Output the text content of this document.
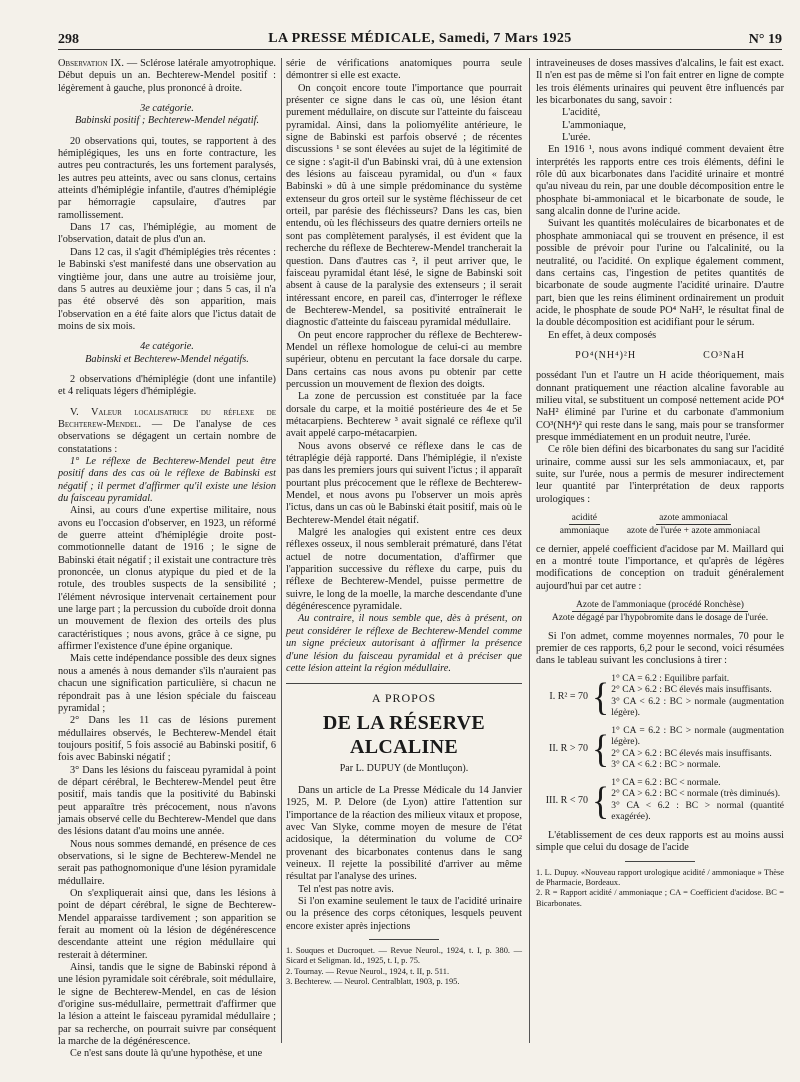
298	LA PRESSE MÉDICALE, Samedi, 7 Mars 1925	N° 19

Observation IX. — Sclérose latérale amyotrophique. Début depuis un an. Bechterew-Mendel positif : légèrement à gauche, plus prononcé à droite.

3e catégorie.

Babinski positif ; Bechterew-Mendel négatif.

20 observations qui, toutes, se rapportent à des hémiplégiques, les uns en forte contracture, les autres peu contracturés, les uns fortement paralysés, les autres peu atteints, avec ou sans clonus, certains atteints d'hémiplégie infantile, d'autres d'hémiplégie par hémorragie capsulaire, d'autres par ramollissement.

Dans 17 cas, l'hémiplégie, au moment de l'observation, datait de plus d'un an.

Dans 12 cas, il s'agit d'hémiplégies très récentes : le Babinski s'est manifesté dans une observation au vingtième jour, dans une autre au troisième jour, dans 5 autres au deuxième jour ; dans 5 cas, il n'a pas été observé dès son apparition, mais l'observation en a été faite alors que l'ictus datait de moins de six mois.

4e catégorie.

Babinski et Bechterew-Mendel négatifs.

2 observations d'hémiplégie (dont une infantile) et 4 reliquats légers d'hémiplégie.

V. Valeur localisatrice du réflexe de Bechterew-Mendel. — De l'analyse de ces observations se dégagent un certain nombre de constatations :

1° Le réflexe de Bechterew-Mendel peut être positif dans des cas où le réflexe de Babinski est négatif ; il permet d'affirmer qu'il existe une lésion du faisceau pyramidal.

Ainsi, au cours d'une expertise militaire, nous avons eu l'occasion d'observer, en 1923, un réformé de guerre atteint d'hémiplégie droite post-commotionnelle datant de 1916 ; le signe de Babinski était négatif ; il existait une contracture très prononcée, un clonus atypique du pied et de la rotule, des troubles suspects de la sensibilité ; l'élément névrosique intervenait certainement pour une large part ; la percussion du cuboïde droit donna un mouvement de flexion des orteils des plus caractéristiques ; nous avons, grâce à ce signe, pu affirmer l'existence d'une épine organique.

Mais cette indépendance possible des deux signes nous a amenés à nous demander s'ils n'auraient pas chacun une signification particulière, si chacun ne répondrait pas à une lésion spéciale du faisceau pyramidal ;

2° Dans les 11 cas de lésions purement médullaires observés, le Bechterew-Mendel était toujours positif, 5 fois associé au Babinski positif, 6 fois avec Babinski négatif ;

3° Dans les lésions du faisceau pyramidal à point de départ cérébral, le Bechterew-Mendel peut être positif, mais tandis que la positivité du Babinski peut apparaître très précocement, nous n'avons jamais observé celle du Bechterew-Mendel que dans des lésions datant d'au moins une année.

Nous nous sommes demandé, en présence de ces observations, si le signe de Bechterew-Mendel ne serait pas pathognomonique d'une lésion pyramidale médullaire.

On s'expliquerait ainsi que, dans les lésions à point de départ cérébral, le signe de Bechterew-Mendel apparaisse tardivement ; son apparition se ferait au moment où la lésion de dégénérescence descendante atteint une région médullaire qui resterait à déterminer.

Ainsi, tandis que le signe de Babinski répond à une lésion pyramidale soit cérébrale, soit médullaire, le signe de Bechterew-Mendel, en cas de lésion d'origine sus-médullaire, permettrait d'affirmer que la lésion a atteint le faisceau pyramidal médullaire ; par sa recherche, on pourrait suivre par conséquent la marche de la dégénérescence.

Ce n'est sans doute là qu'une hypothèse, et une

série de vérifications anatomiques pourra seule démontrer si elle est exacte.

On conçoit encore toute l'importance que pourrait présenter ce signe dans le cas où, une lésion étant purement médullaire, on discute sur l'atteinte du faisceau pyramidal. Ainsi, dans la poliomyélite antérieure, le signe de Babinski est parfois observé ; de récentes discussions ¹ se sont élevées au sujet de la légitimité de ce signe : s'agit-il d'un Babinski vrai, dû à une extension des lésions au faisceau pyramidal, ou d'un « faux Babinski » dû à une simple prédominance du système extenseur du gros orteil sur le système fléchisseur de cet orteil, par parésie des fléchisseurs? Dans les cas, bien entendu, où les fléchisseurs des quatre derniers orteils ne sont pas complètement paralysés, il est évident que la recherche du réflexe de Bechterew-Mendel trancherait la question. Dans d'autres cas ², il peut arriver que, le faisceau pyramidal étant lésé, le signe de Babinski soit absent à cause de la paralysie des extenseurs ; il serait intéressant encore, en pareil cas, d'interroger le réflexe de Bechterew-Mendel, sa positivité entraînerait le diagnostic d'atteinte du faisceau pyramidal médullaire.

On peut encore rapprocher du réflexe de Bechterew-Mendel un réflexe homologue de celui-ci au membre supérieur, obtenu en percutant la face dorsale du carpe. Dans certains cas nous avons pu obtenir par cette percussion un mouvement de flexion des doigts.

La zone de percussion est constituée par la face dorsale du carpe, et la moitié postérieure des 4e et 5e métacarpiens. Bechterew ³ avait signalé ce réflexe qu'il avait appelé carpo-métacarpien.

Nous avons observé ce réflexe dans le cas de tétraplégie déjà rapporté. Dans l'hémiplégie, il n'existe pas dans les premiers jours qui suivent l'ictus ; il apparaît pourtant plus précocement que le réflexe de Bechterew-Mendel, et nous avons pu l'observer un mois après l'ictus, dans un cas où le Babinski était positif, mais où le Bechterew-Mendel était négatif.

Malgré les analogies qui existent entre ces deux réflexes osseux, il nous semblerait prématuré, dans l'état actuel de notre documentation, d'affirmer que l'apparition successive du réflexe du carpe, puis du réflexe de Bechterew-Mendel, puisse permettre de suivre, le long de la moelle, la marche descendante d'une dégénérescence pyramidale.

Au contraire, il nous semble que, dès à présent, on peut considérer le réflexe de Bechterew-Mendel comme un signe précieux autorisant à affirmer la présence d'une lésion du faisceau pyramidal et à préciser que cette lésion atteint la région médullaire.

A PROPOS
DE LA RÉSERVE ALCALINE
Par L. DUPUY (de Montluçon).

Dans un article de La Presse Médicale du 14 Janvier 1925, M. P. Delore (de Lyon) attire l'attention sur l'importance de la réaction des milieux vitaux et propose, avec Van Slyke, comme moyen de mesure de l'état acidosique, la détermination du volume de CO² provenant des bicarbonates contenus dans le sang veineux. Il rejette la possibilité d'arriver au même résultat par l'analyse des urines.

Tel n'est pas notre avis.

Si l'on examine seulement le taux de l'acidité urinaire ou la présence des corps cétoniques, lesquels peuvent encore exister après injections

1. Souques et Ducroquet. — Revue Neurol., 1924, t. I, p. 380. — Sicard et Seligman. Id., 1925, t. I, p. 75.
2. Tournay. — Revue Neurol., 1924, t. II, p. 511.
3. Bechterew. — Neurol. Centralblatt, 1903, p. 195.

intraveineuses de doses massives d'alcalins, le fait est exact. Il n'en est pas de même si l'on fait entrer en ligne de compte les trois éléments urinaires qui peuvent être influencés par les bicarbonates du sang, savoir :

L'acidité,
L'ammoniaque,
L'urée.

En 1916 ¹, nous avons indiqué comment devaient être interprétés les rapports entre ces trois éléments, défini le rôle dû aux bicarbonates dans l'acidité urinaire et montré qu'au niveau du rein, par une double décomposition entre le phosphate bi-ammoniacal et le bicarbonate de soude, le sang alcalin donne de l'urine acide.

Suivant les quantités moléculaires de bicarbonates et de phosphate ammoniacal qui se trouvent en présence, il est possible de prévoir pour l'urine ou l'alcalinité, ou la neutralité, ou l'acidité. On explique également comment, dans certains cas, l'ingestion de petites quantités de bicarbonate de soude augmente l'acidité urinaire. D'autre part, bien que les reins éliminent ordinairement un produit acide, le phosphate de soude PO⁴ NaH², le résultat final de la double décomposition est acidifiant pour le sérum.

En effet, à deux composés

PO⁴(NH⁴)²H	CO³NaH

possédant l'un et l'autre un H acide théoriquement, mais donnant pratiquement une réaction alcaline favorable au milieu vital, se substituent un composé nettement acide PO⁴ NaH² éliminé par l'urine et du carbonate d'ammonium CO³(NH⁴)² qui reste dans le sang, mais pour se transformer presque immédiatement en un produit neutre, l'urée.

Ce rôle bien défini des bicarbonates du sang sur l'acidité urinaire, comme aussi sur les sels ammoniacaux, et, par suite, sur l'urée, nous a permis de mesurer indirectement leur quantité par l'interprétation de deux rapports urologiques :

$\frac{\text{acidité}}{\text{ammoniaque}} \frac{\text{azote ammoniacal}}{\text{azote de l'urée + azote ammoniacal}}$

ce dernier, appelé coefficient d'acidose par M. Maillard qui en a montré toute l'importance, et qu'après de légères modifications de conception on traduit généralement aujourd'hui par cet autre :

Azote de l'ammoniaque (procédé Ronchèse)
Azote dégagé par l'hypobromite dans le dosage de l'urée.

Si l'on admet, comme moyennes normales, 70 pour le premier de ces rapports, 6,2 pour le second, voici résumées dans le tableau suivant les conclusions à tirer :

I. R² = 70 { 1° CA = 6.2 : Equilibre parfait.
2° CA > 6.2 : BC élevés mais insuffisants.
3° CA < 6.2 : BC > normale (augmentation légère).
II. R > 70 { 1° CA = 6.2 : BC > normale (augmentation légère).
2° CA > 6.2 : BC élevés mais insuffisants.
3° CA < 6.2 : BC > normale.
III. R < 70 { 1° CA = 6.2 : BC < normale.
2° CA > 6.2 : BC < normale (très diminués).
3° CA < 6.2 : BC > normal (quantité exagérée).

L'établissement de ces deux rapports est au moins aussi simple que celui du dosage de l'acide

1. L. Dupuy. «Nouveau rapport urologique acidité / ammoniaque » Thèse de Pharmacie, Bordeaux.
2. R = Rapport acidité / ammoniaque ; CA = Coefficient d'acidose. BC = Bicarbonates.
